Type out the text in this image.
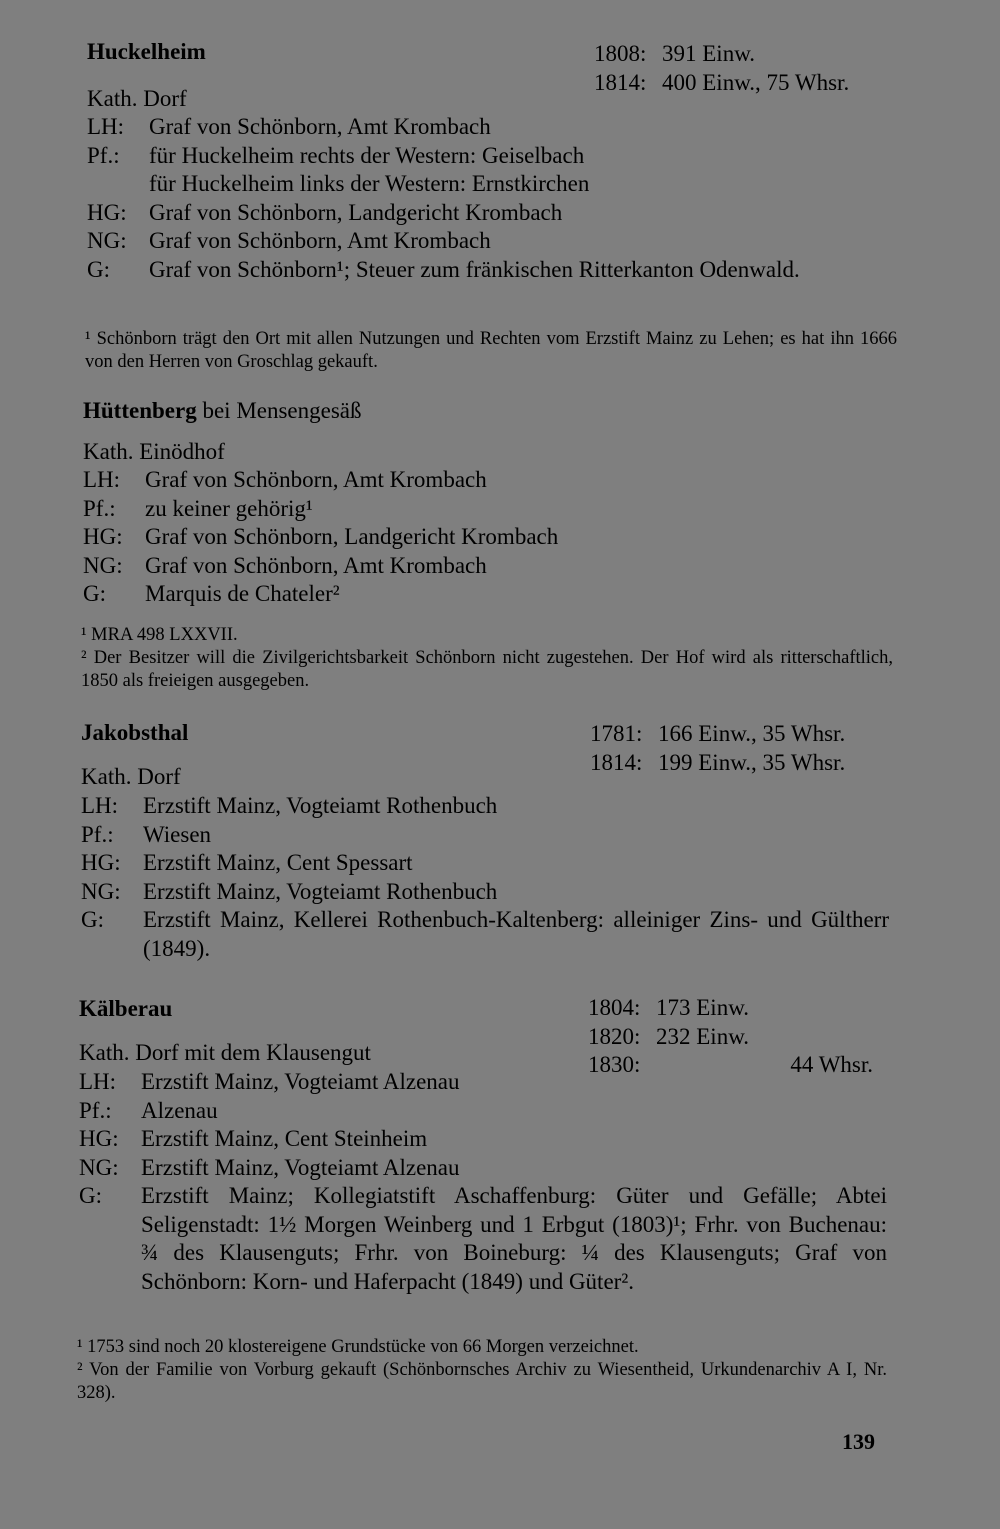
Huckelheim	1808: 391 Einw.
1814: 400 Einw., 75 Whsr.
Kath. Dorf
LH:	Graf von Schönborn, Amt Krombach
Pf.:	für Huckelheim rechts der Western: Geiselbach
für Huckelheim links der Western: Ernstkirchen
HG: Graf von Schönborn, Landgericht Krombach
NG: Graf von Schönborn, Amt Krombach
G:	Graf von Schönborn¹; Steuer zum fränkischen Ritterkanton Odenwald.

¹ Schönborn trägt den Ort mit allen Nutzungen und Rechten vom Erzstift Mainz zu Lehen; es hat ihn 1666 von den Herren von Groschlag gekauft.

Hüttenberg bei Mensengesäß
Kath. Einödhof
LH:	Graf von Schönborn, Amt Krombach
Pf.:	zu keiner gehörig¹
HG: Graf von Schönborn, Landgericht Krombach
NG: Graf von Schönborn, Amt Krombach
G:	Marquis de Chateler²

¹ MRA 498 LXXVII.

² Der Besitzer will die Zivilgerichtsbarkeit Schönborn nicht zugestehen. Der Hof wird als ritterschaftlich, 1850 als freieigen ausgegeben.

Jakobsthal	1781: 166 Einw., 35 Whsr.
1814: 199 Einw., 35 Whsr.
Kath. Dorf
LH:	Erzstift Mainz, Vogteiamt Rothenbuch
Pf.:	Wiesen
HG: Erzstift Mainz, Cent Spessart
NG: Erzstift Mainz, Vogteiamt Rothenbuch
G:	Erzstift Mainz, Kellerei Rothenbuch-Kaltenberg: alleiniger Zins- und Gültherr (1849).
Kälberau	1804: 173 Einw.
1820: 232 Einw.
1830:	44 Whsr.
Kath. Dorf mit dem Klausengut
LH:	Erzstift Mainz, Vogteiamt Alzenau
Pf.:	Alzenau
HG: Erzstift Mainz, Cent Steinheim
NG: Erzstift Mainz, Vogteiamt Alzenau
G:	Erzstift Mainz; Kollegiatstift Aschaffenburg: Güter und Gefälle; Abtei Seligenstadt: 1½ Morgen Weinberg und 1 Erbgut (1803)¹; Frhr. von Buchenau: ¾ des Klausenguts; Frhr. von Boineburg: ¼ des Klausenguts; Graf von Schönborn: Korn- und Haferpacht (1849) und Güter².

¹ 1753 sind noch 20 klostereigene Grundstücke von 66 Morgen verzeichnet.

² Von der Familie von Vorburg gekauft (Schönbornsches Archiv zu Wiesentheid, Urkundenarchiv A I, Nr. 328).

139
